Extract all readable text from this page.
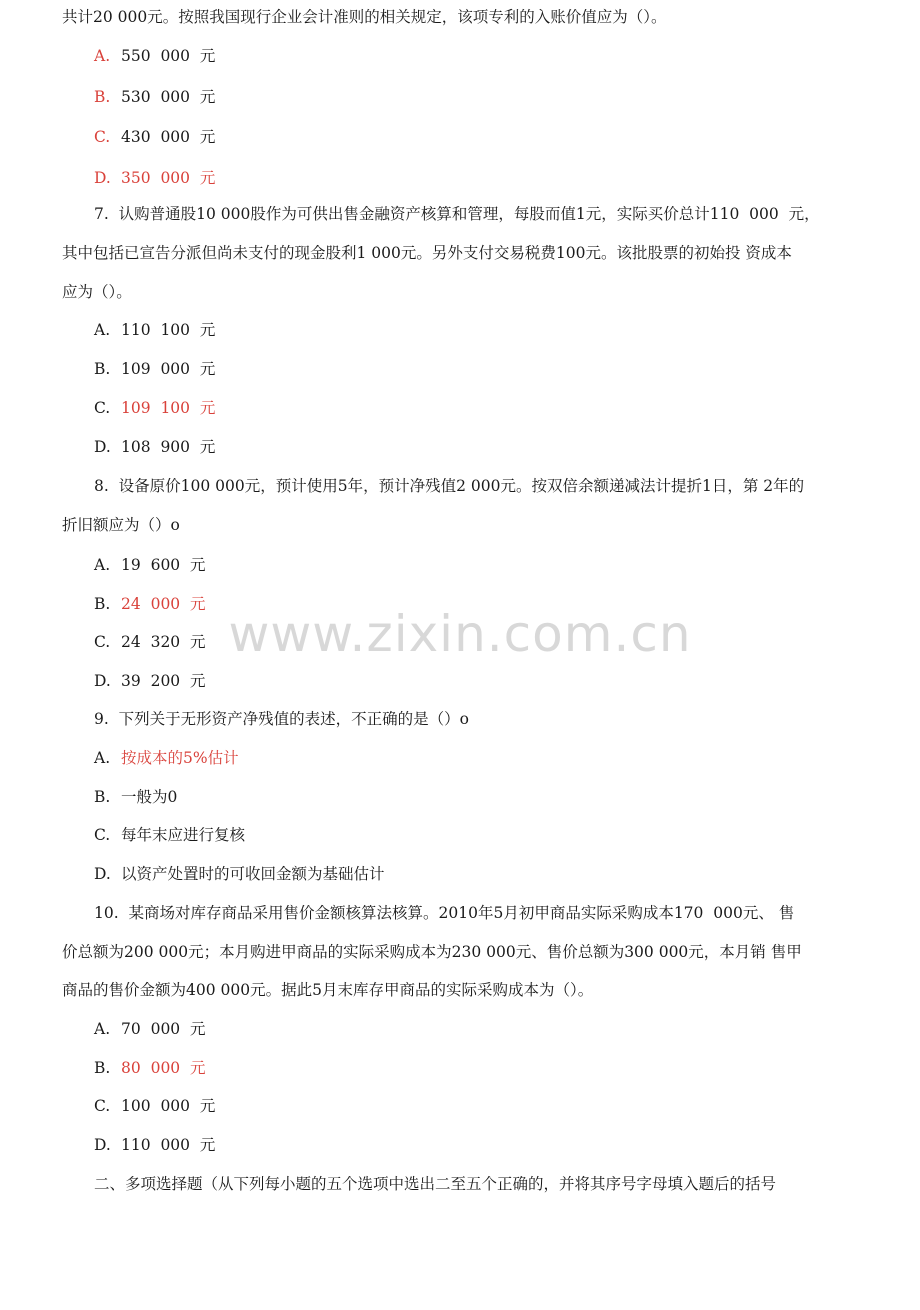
共计20 000元。按照我国现行企业会计准则的相关规定，该项专利的入账价值应为（）。
A. 550  000  元
B. 530  000  元
C. 430  000  元
D. 350  000  元
7.  认购普通股10 000股作为可供出售金融资产核算和管理，每股而值1元，实际买价总计110  000  元，
其中包括已宣告分派但尚未支付的现金股利1 000元。另外支付交易税费100元。该批股票的初始投 资成本
应为（）。
A. 110  100  元
B. 109  000  元
C. 109  100  元
D. 108  900  元
8.  设备原价100 000元，预计使用5年，预计净残值2 000元。按双倍余额递减法计提折1日，第 2年的
折旧额应为（）o
A. 19  600  元
B. 24  000  元
C. 24  320  元
D. 39  200  元
9.  下列关于无形资产净残值的表述，不正确的是（）o
A. 按成本的5%估计
B. 一般为0
C. 每年末应进行复核
D. 以资产处置时的可收回金额为基础估计
10.  某商场对库存商品采用售价金额核算法核算。2010年5月初甲商品实际采购成本170  000元、 售
价总额为200 000元；本月购进甲商品的实际采购成本为230 000元、售价总额为300 000元，本月销 售甲
商品的售价金额为400 000元。据此5月末库存甲商品的实际采购成本为（）。
A. 70  000  元
B. 80  000  元
C. 100  000  元
D. 110  000  元
二、多项选择题（从下列每小题的五个选项中选出二至五个正确的，并将其序号字母填入题后的括号
www.zixin.com.cn
